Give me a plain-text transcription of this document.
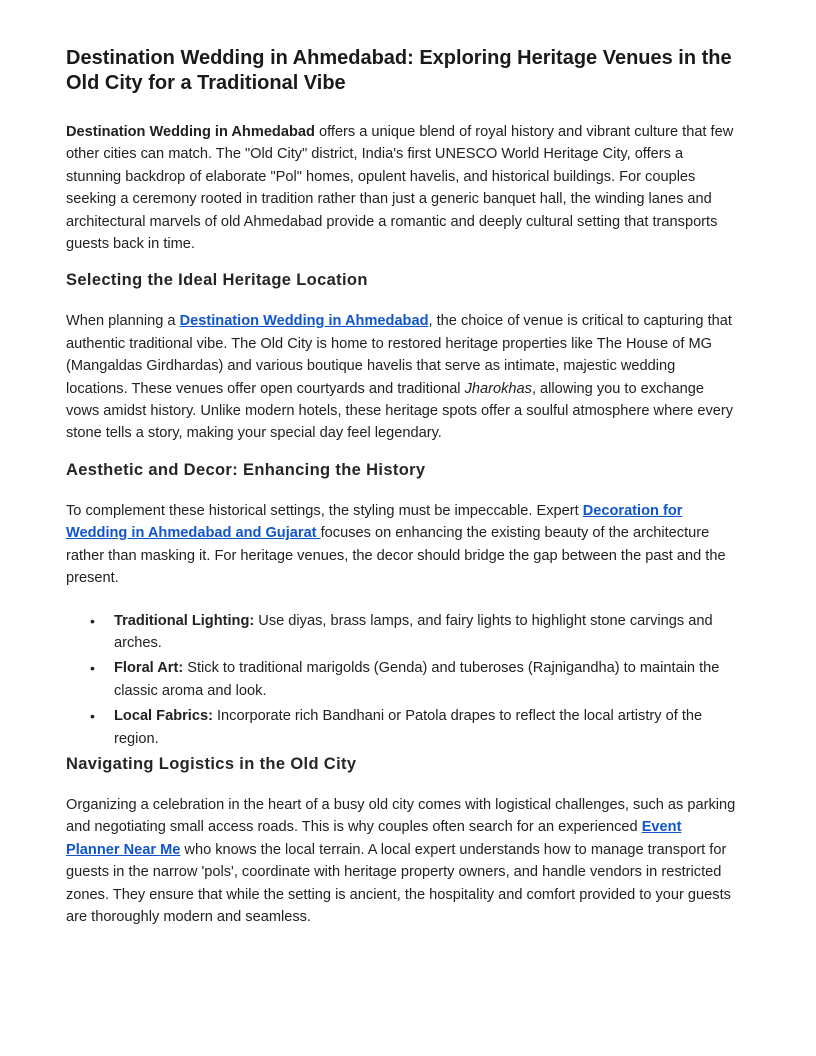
Destination Wedding in Ahmedabad: Exploring Heritage Venues in the Old City for a Traditional Vibe

Destination Wedding in Ahmedabad offers a unique blend of royal history and vibrant culture that few other cities can match. The "Old City" district, India's first UNESCO World Heritage City, offers a stunning backdrop of elaborate "Pol" homes, opulent havelis, and historical buildings. For couples seeking a ceremony rooted in tradition rather than just a generic banquet hall, the winding lanes and architectural marvels of old Ahmedabad provide a romantic and deeply cultural setting that transports guests back in time.

Selecting the Ideal Heritage Location

When planning a Destination Wedding in Ahmedabad, the choice of venue is critical to capturing that authentic traditional vibe. The Old City is home to restored heritage properties like The House of MG (Mangaldas Girdhardas) and various boutique havelis that serve as intimate, majestic wedding locations. These venues offer open courtyards and traditional Jharokhas, allowing you to exchange vows amidst history. Unlike modern hotels, these heritage spots offer a soulful atmosphere where every stone tells a story, making your special day feel legendary.

Aesthetic and Decor: Enhancing the History

To complement these historical settings, the styling must be impeccable. Expert Decoration for Wedding in Ahmedabad and Gujarat focuses on enhancing the existing beauty of the architecture rather than masking it. For heritage venues, the decor should bridge the gap between the past and the present.

• Traditional Lighting: Use diyas, brass lamps, and fairy lights to highlight stone carvings and arches.
• Floral Art: Stick to traditional marigolds (Genda) and tuberoses (Rajnigandha) to maintain the classic aroma and look.
• Local Fabrics: Incorporate rich Bandhani or Patola drapes to reflect the local artistry of the region.
Navigating Logistics in the Old City

Organizing a celebration in the heart of a busy old city comes with logistical challenges, such as parking and negotiating small access roads. This is why couples often search for an experienced Event Planner Near Me who knows the local terrain. A local expert understands how to manage transport for guests in the narrow 'pols', coordinate with heritage property owners, and handle vendors in restricted zones. They ensure that while the setting is ancient, the hospitality and comfort provided to your guests are thoroughly modern and seamless.
